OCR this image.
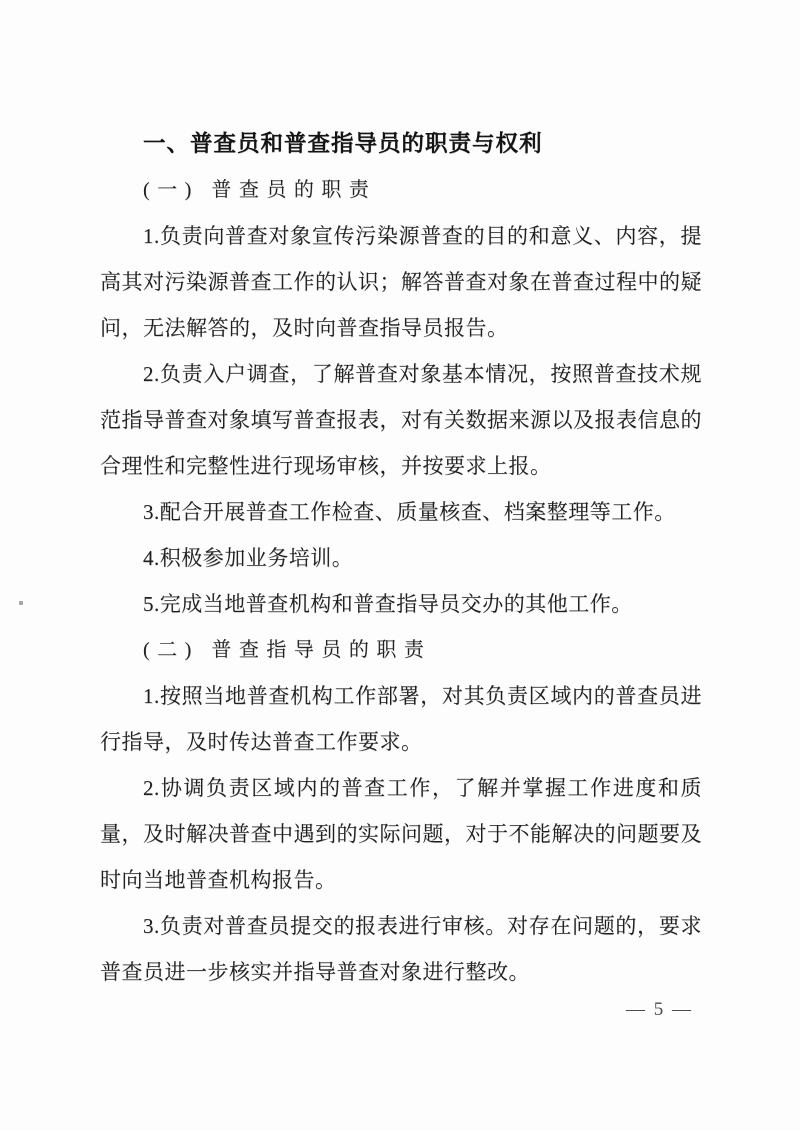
一、普查员和普查指导员的职责与权利
(一) 普查员的职责
1.负责向普查对象宣传污染源普查的目的和意义、内容，提
高其对污染源普查工作的认识；解答普查对象在普查过程中的疑
问，无法解答的，及时向普查指导员报告。
2.负责入户调查，了解普查对象基本情况，按照普查技术规
范指导普查对象填写普查报表，对有关数据来源以及报表信息的
合理性和完整性进行现场审核，并按要求上报。
3.配合开展普查工作检查、质量核查、档案整理等工作。
4.积极参加业务培训。
5.完成当地普查机构和普查指导员交办的其他工作。
(二) 普查指导员的职责
1.按照当地普查机构工作部署，对其负责区域内的普查员进
行指导，及时传达普查工作要求。
2.协调负责区域内的普查工作，了解并掌握工作进度和质
量，及时解决普查中遇到的实际问题，对于不能解决的问题要及
时向当地普查机构报告。
3.负责对普查员提交的报表进行审核。对存在问题的，要求
普查员进一步核实并指导普查对象进行整改。
— 5 —
